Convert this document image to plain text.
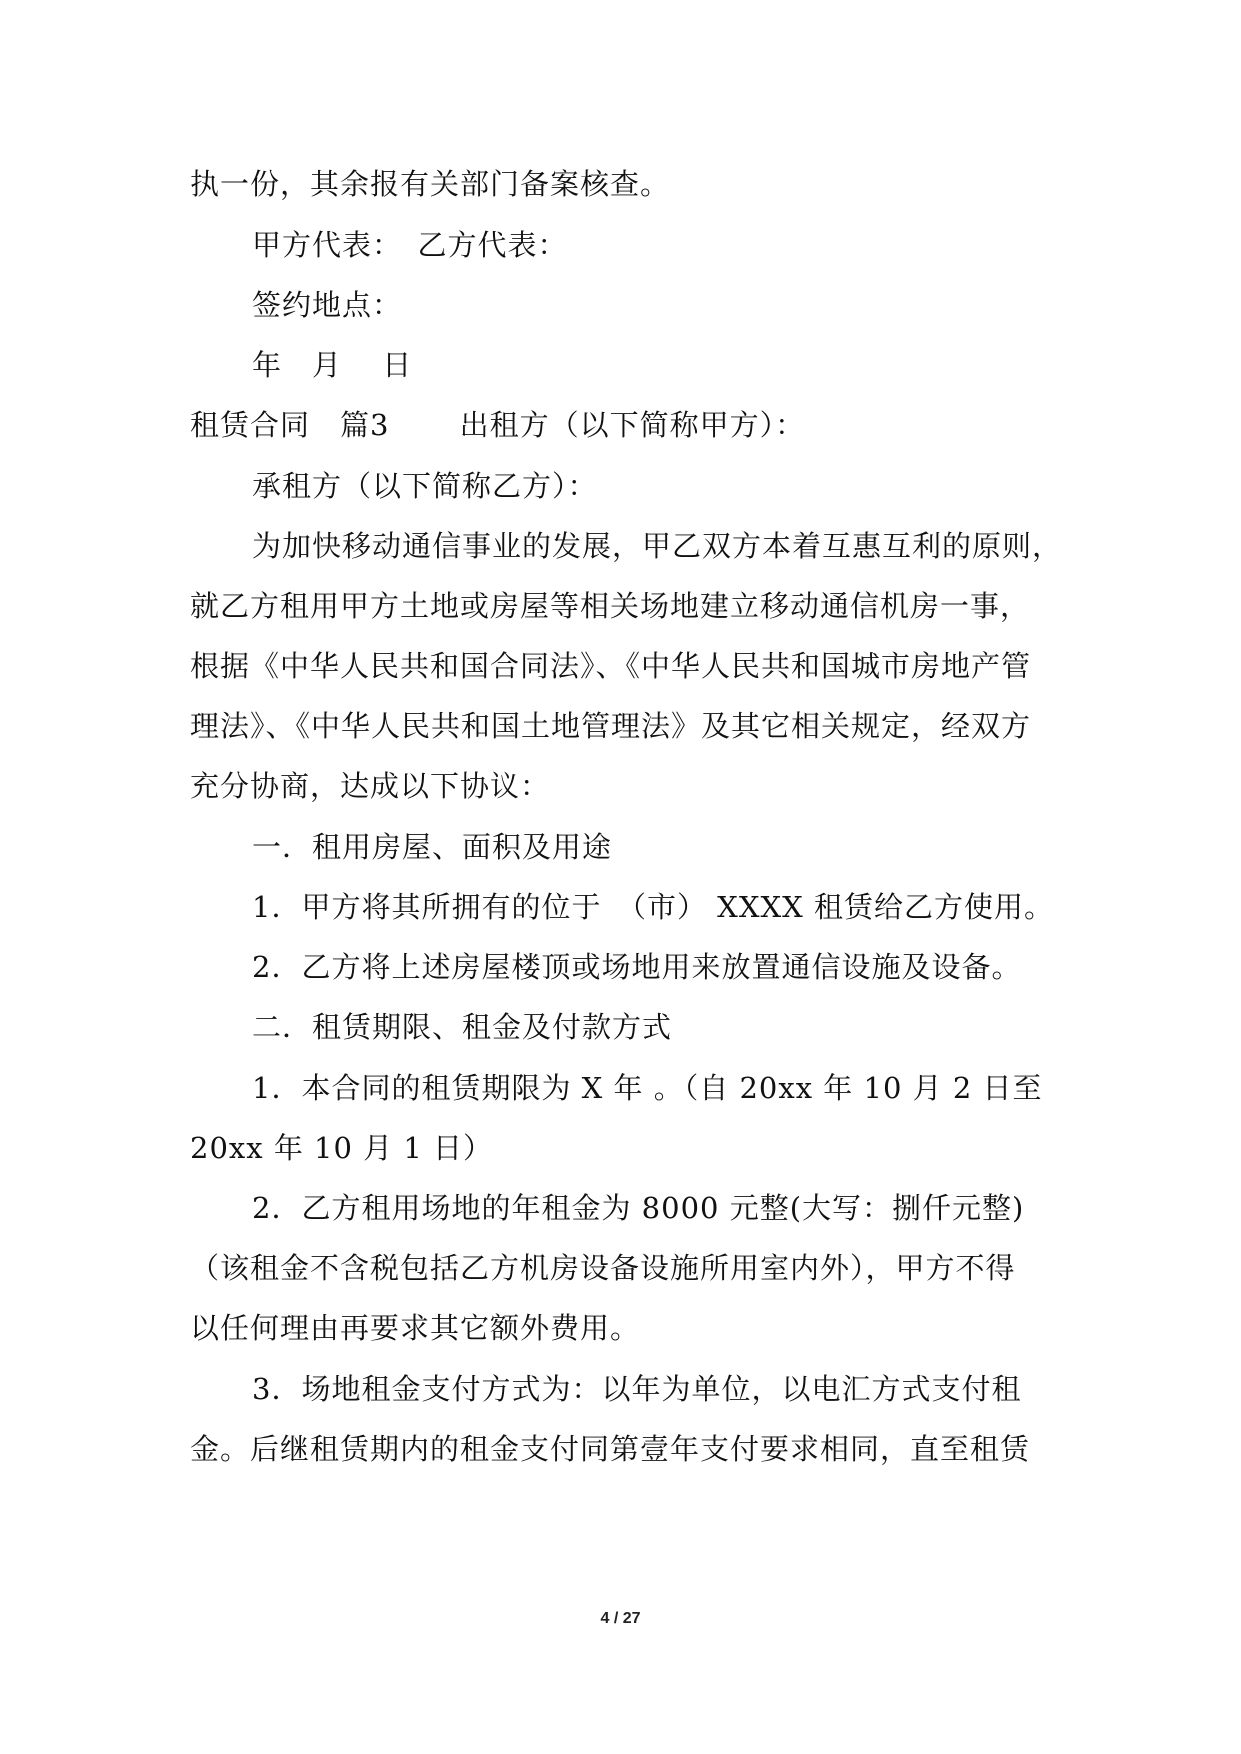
执一份，其余报有关部门备案核查。
甲方代表：　乙方代表：
签约地点：
年　月　 日
租赁合同　篇3　　 出租方（以下简称甲方）：
承租方（以下简称乙方）：
为加快移动通信事业的发展，甲乙双方本着互惠互利的原则，
就乙方租用甲方土地或房屋等相关场地建立移动通信机房一事，
根据《中华人民共和国合同法》、《中华人民共和国城市房地产管
理法》、《中华人民共和国土地管理法》及其它相关规定，经双方
充分协商，达成以下协议：
一．租用房屋、面积及用途
1．甲方将其所拥有的位于　（市） XXXX 租赁给乙方使用。
2．乙方将上述房屋楼顶或场地用来放置通信设施及设备。
二．租赁期限、租金及付款方式
1．本合同的租赁期限为 X 年 。（自 20xx 年 10 月 2 日至
20xx 年 10 月 1 日）
2．乙方租用场地的年租金为 8000 元整(大写：捌仟元整)
（该租金不含税包括乙方机房设备设施所用室内外），甲方不得
以任何理由再要求其它额外费用。
3．场地租金支付方式为：以年为单位，以电汇方式支付租
金。后继租赁期内的租金支付同第壹年支付要求相同，直至租赁
4 / 27
